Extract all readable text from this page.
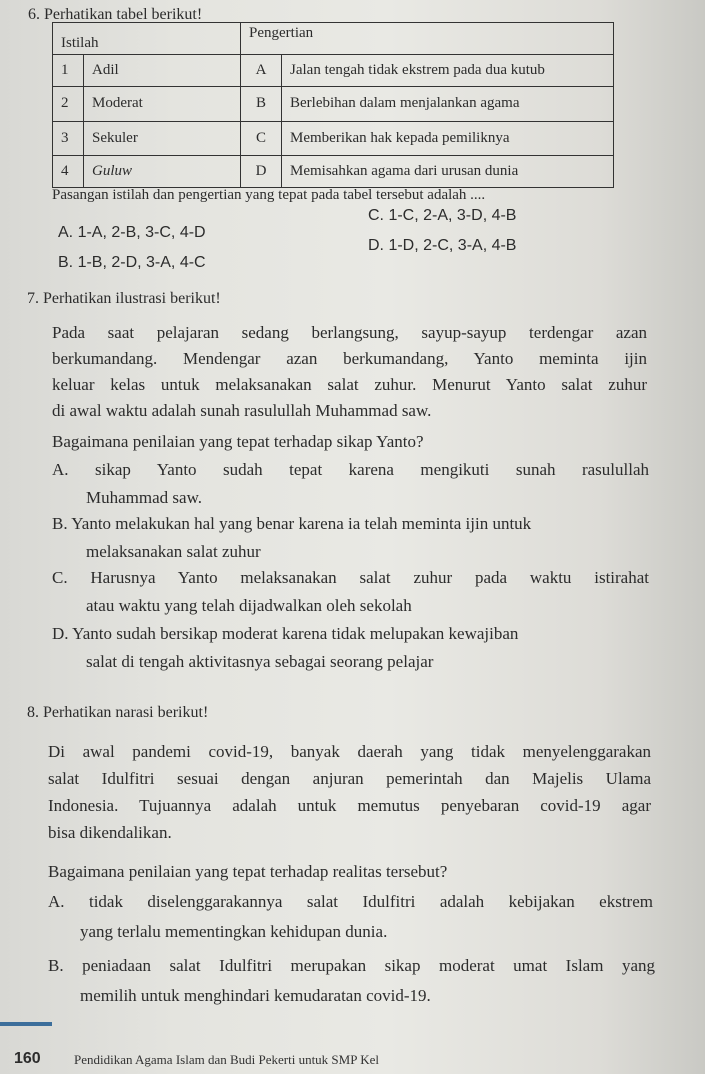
6. Perhatikan tabel berikut!
Istilah		Pengertian	
1	Adil	A	Jalan tengah tidak ekstrem pada dua kutub
2	Moderat	B	Berlebihan dalam menjalankan agama
3	Sekuler	C	Memberikan hak kepada pemiliknya
4	Guluw	D	Memisahkan agama dari urusan dunia
Pasangan istilah dan pengertian yang tepat pada tabel tersebut adalah ....
A. 1-A, 2-B, 3-C, 4-D
C. 1-C, 2-A, 3-D, 4-B
B. 1-B, 2-D, 3-A, 4-C
D. 1-D, 2-C, 3-A, 4-B
7. Perhatikan ilustrasi berikut!
Pada saat pelajaran sedang berlangsung, sayup-sayup terdengar azan
berkumandang. Mendengar azan berkumandang, Yanto meminta ijin
keluar kelas untuk melaksanakan salat zuhur. Menurut Yanto salat zuhur
di awal waktu adalah sunah rasulullah Muhammad saw.
Bagaimana penilaian yang tepat terhadap sikap Yanto?
A. sikap Yanto sudah tepat karena mengikuti sunah rasulullah
Muhammad saw.
B. Yanto melakukan hal yang benar karena ia telah meminta ijin untuk
melaksanakan salat zuhur
C. Harusnya Yanto melaksanakan salat zuhur pada waktu istirahat
atau waktu yang telah dijadwalkan oleh sekolah
D. Yanto sudah bersikap moderat karena tidak melupakan kewajiban
salat di tengah aktivitasnya sebagai seorang pelajar
8. Perhatikan narasi berikut!
Di awal pandemi covid-19, banyak daerah yang tidak menyelenggarakan
salat Idulfitri sesuai dengan anjuran pemerintah dan Majelis Ulama
Indonesia. Tujuannya adalah untuk memutus penyebaran covid-19 agar
bisa dikendalikan.
Bagaimana penilaian yang tepat terhadap realitas tersebut?
A. tidak diselenggarakannya salat Idulfitri adalah kebijakan ekstrem
yang terlalu mementingkan kehidupan dunia.
B. peniadaan salat Idulfitri merupakan sikap moderat umat Islam yang
memilih untuk menghindari kemudaratan covid-19.
160	Pendidikan Agama Islam dan Budi Pekerti untuk SMP Kel
